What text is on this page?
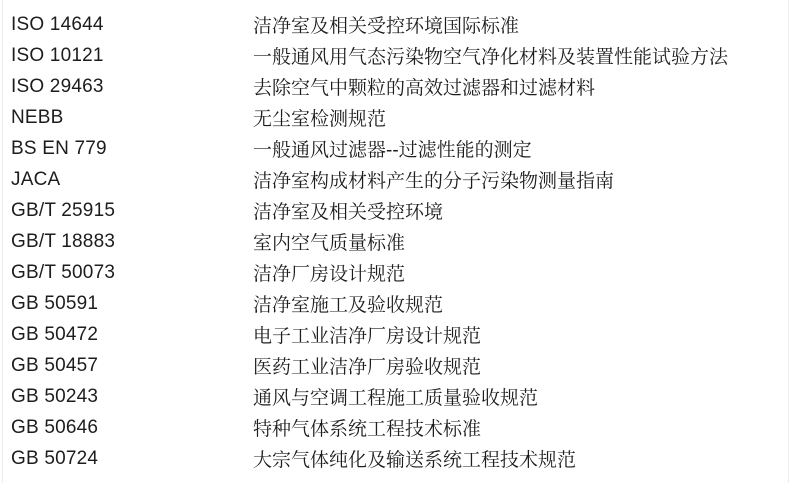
ISO 14644	洁净室及相关受控环境国际标准
ISO 10121	一般通风用气态污染物空气净化材料及装置性能试验方法
ISO 29463	去除空气中颗粒的高效过滤器和过滤材料
NEBB	无尘室检测规范
BS EN 779	一般通风过滤器--过滤性能的测定
JACA	洁净室构成材料产生的分子污染物测量指南
GB/T 25915	洁净室及相关受控环境
GB/T 18883	室内空气质量标准
GB/T 50073	洁净厂房设计规范
GB 50591	洁净室施工及验收规范
GB 50472	电子工业洁净厂房设计规范
GB 50457	医药工业洁净厂房验收规范
GB 50243	通风与空调工程施工质量验收规范
GB 50646	特种气体系统工程技术标准
GB 50724	大宗气体纯化及输送系统工程技术规范
